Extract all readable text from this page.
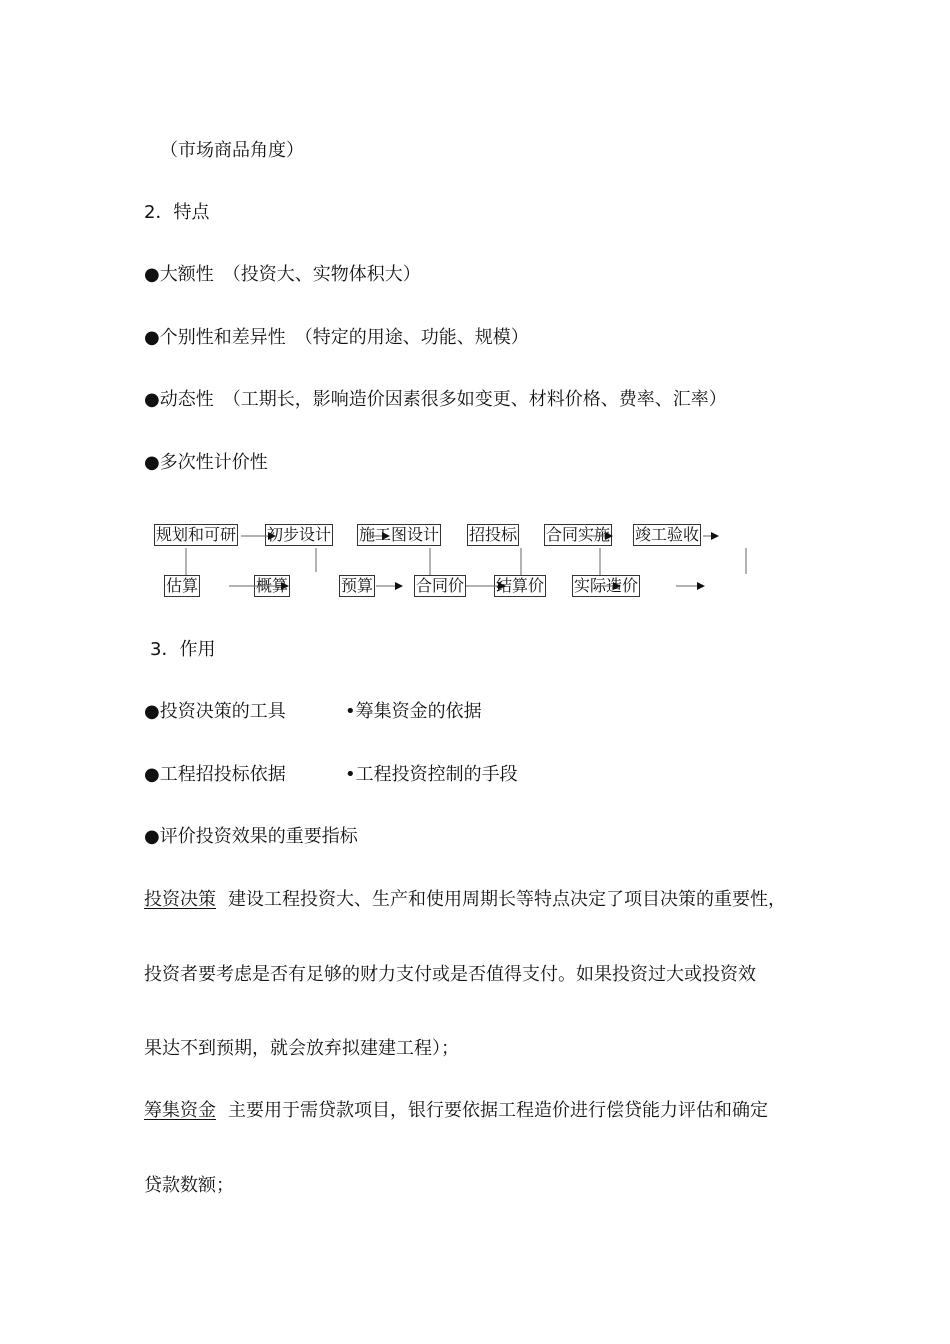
（市场商品角度）
2．特点
●大额性　（投资大、实物体积大）
●个别性和差异性　（特定的用途、功能、规模）
●动态性　（工期长，影响造价因素很多如变更、材料价格、费率、汇率）
●多次性计价性
规划和可研 初步设计 施工图设计 招投标 合同实施 竣工验收
估算	概算	预算	合同价 结算价 实际造价
3．作用
●投资决策的工具	•筹集资金的依据
●工程招投标依据	•工程投资控制的手段
●评价投资效果的重要指标
投资决策 建设工程投资大、生产和使用周期长等特点决定了项目决策的重要性，
投资者要考虑是否有足够的财力支付或是否值得支付。如果投资过大或投资效
果达不到预期，就会放弃拟建建工程）；
筹集资金 主要用于需贷款项目，银行要依据工程造价进行偿贷能力评估和确定
贷款数额；
